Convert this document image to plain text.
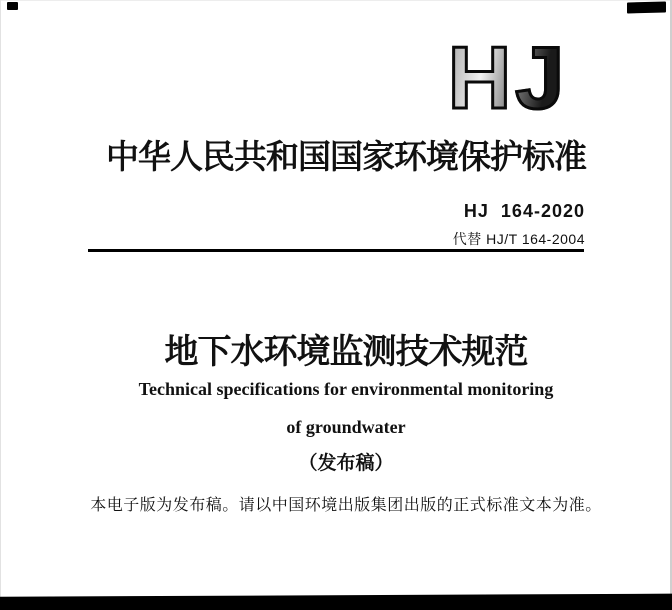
HJ
中华人民共和国国家环境保护标准
HJ 164-2020
代替 HJ/T 164-2004
地下水环境监测技术规范
Technical specifications for environmental monitoring
of groundwater
（发布稿）
本电子版为发布稿。请以中国环境出版集团出版的正式标准文本为准。
